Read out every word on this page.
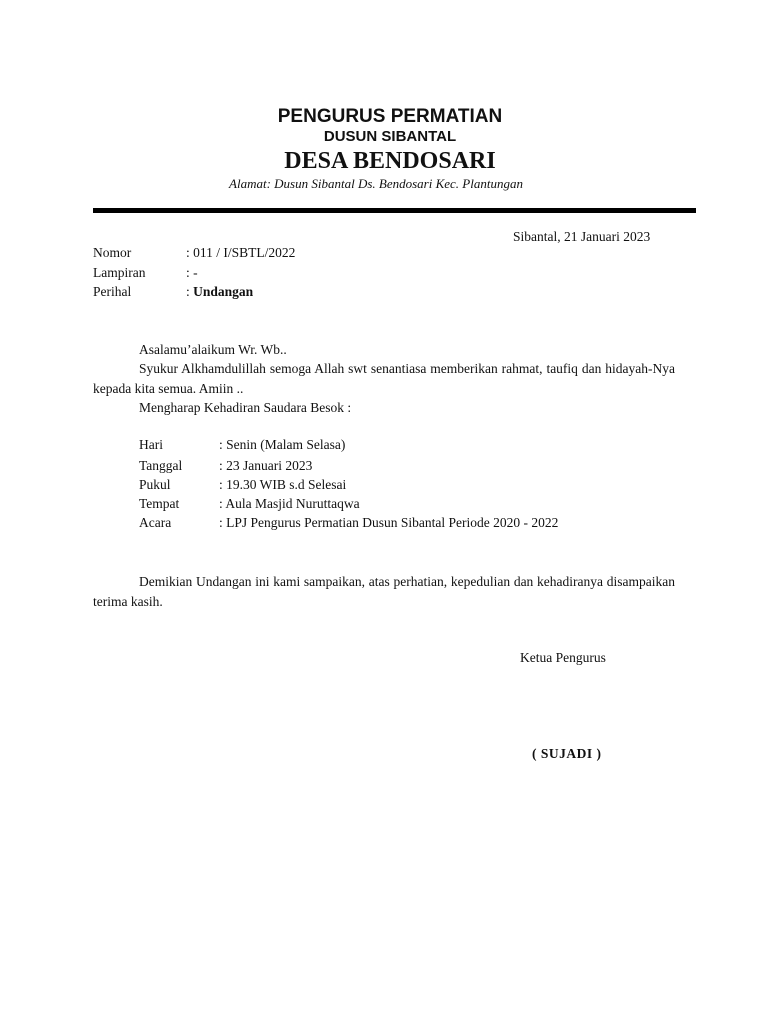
PENGURUS PERMATIAN
DUSUN SIBANTAL
DESA BENDOSARI
Alamat: Dusun Sibantal Ds. Bendosari Kec. Plantungan
Sibantal, 21 Januari 2023
Nomor	: 011 / I/SBTL/2022
Lampiran	: -
Perihal	: Undangan
Asalamu’alaikum Wr. Wb..
Syukur Alkhamdulillah semoga Allah swt senantiasa memberikan rahmat, taufiq dan hidayah-Nya kepada kita semua. Amiin ..
Mengharap Kehadiran Saudara Besok :
Hari	: Senin (Malam Selasa)
Tanggal	: 23 Januari 2023
Pukul	: 19.30 WIB s.d Selesai
Tempat	: Aula Masjid Nuruttaqwa
Acara	: LPJ Pengurus Permatian Dusun Sibantal Periode 2020 - 2022
Demikian Undangan ini kami sampaikan, atas perhatian, kepedulian dan kehadiranya disampaikan terima kasih.
Ketua Pengurus
( SUJADI )
